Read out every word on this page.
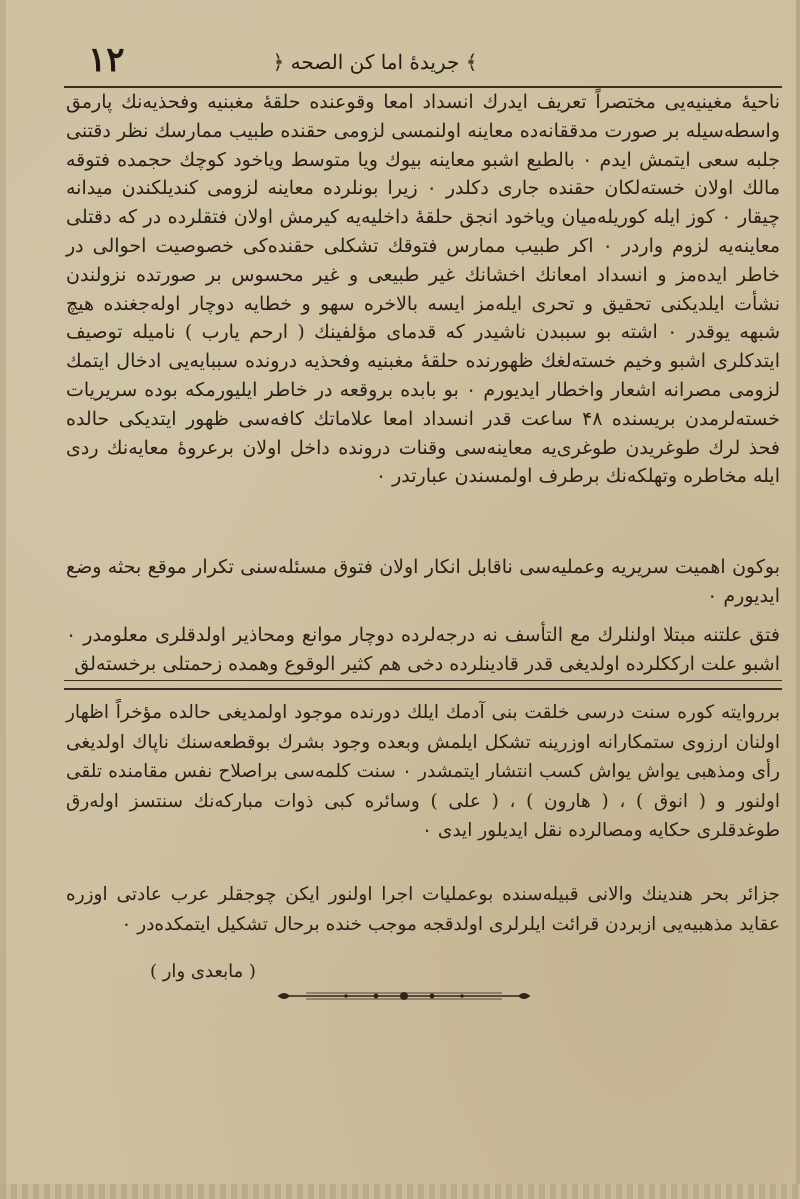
١٢	﴿ جريدهٔ اما كن الصحه ﴾

ناحیهٔ مغینیه‌یی مختصراً تعریف ایدرك انسداد امعا وقوعنده حلقهٔ مغبنیه وفحذیه‌نك پارمق واسطه‌سیله بر صورت مدققانه‌ده معاینه اولنمسی لزومی حقنده طبیب ممارسك نظر دقتنی جلبه سعی ایتمش ایدم ۰ بالطبع اشبو معاینه بیوك ویا متوسط ویاخود کوچك حجمده فتوقه مالك اولان خسته‌لکان حقنده جاری دکلدر ۰ زیرا بونلرده معاینه لزومی کندیلکندن میدانه چیقار ۰ کوز ایله کوریله‌میان ویاخود انجق حلقهٔ داخلیه‌یه کیرمش اولان فتقلرده در که دقتلی معاینه‌یه لزوم واردر ۰ اکر طبیب ممارس فتوقك تشکلی حقنده‌کی خصوصیت احوالی در خاطر ایده‌مز و انسداد امعانك اخشانك غیر طبیعی و غیر محسوس بر صورتده نزولندن نشأت ایلدیکنی تحقیق و تحری ایله‌مز ایسه بالاخره سهو و خطایه دوچار اوله‌جغنده هیچ شبهه یوقدر ۰ اشته بو سببدن ناشیدر که قدمای مؤلفینك ( ارحم یارب ) نامیله توصیف ایتدکلری اشبو وخیم خسته‌لغك ظهورنده حلقهٔ مغبنیه وفحذیه درونده سببایه‌یی ادخال ایتمك لزومی مصرانه اشعار واخطار ایدیورم ۰ بو بابده بروقعه در خاطر ایلیورمکه بوده سریریات خسته‌لرمدن بریسنده ۴۸ ساعت قدر انسداد امعا علاماتك کافه‌سی ظهور ایتدیکی حالده فحذ لرك طوغریدن طوغری‌یه معاینه‌سی وقنات درونده داخل اولان برعروهٔ معایه‌نك ردی ایله مخاطره وتهلکه‌نك برطرف اولمسندن عبارتدر ۰

بوکون اهمیت سریریه وعملیه‌سی ناقابل انکار اولان فتوق مسئله‌سنی تکرار موقع بحثه وضع ایدیورم ۰

فتق علتنه مبتلا اولنلرك مع التأسف نه درجه‌لرده دوچار موانع ومحاذیر اولدقلری معلومدر ۰ اشبو علت ارککلرده اولدیغی قدر قادینلرده دخی هم کثیر الوقوع وهمده زحمتلی برخسته‌لق

برروایته کوره سنت درسی خلقت بنی آدمك ایلك دورنده موجود اولمدیغی حالده مؤخراً اظهار اولنان ارزوی ستمکارانه اوزرینه تشکل ایلمش وبعده وجود بشرك بوقطعه‌سنك ناپاك اولدیغی رأی ومذهبی یواش یواش کسب انتشار ایتمشدر ۰ سنت کلمه‌سی براصلاح نفس مقامنده تلقی اولنور و ( انوق ) ، ( هارون ) ، ( علی ) وسائره کبی ذوات مبارکه‌نك سنتسز اوله‌رق طوغدقلری حکایه ومصالرده نقل ایدیلور ایدی ۰

جزائر بحر هندینك والانی قبیله‌سنده بوعملیات اجرا اولنور ایکن چوجقلر عرب عادتی اوزره عقاید مذهبیه‌یی ازبردن قرائت ایلرلری اولدقجه موجب خنده برحال تشکیل ایتمکده‌در ۰

( مابعدی وار )
